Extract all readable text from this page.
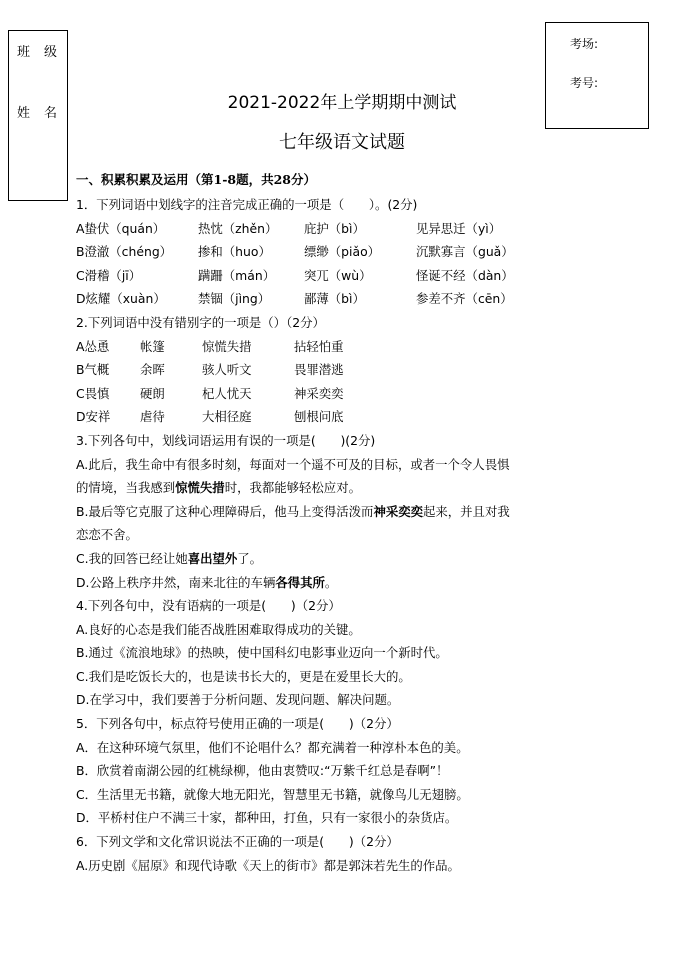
班级
姓名
考场:
考号:
2021-2022年上学期期中测试
七年级语文试题
一、积累积累及运用（第1-8题，共28分）
1．下列词语中划线字的注音完成正确的一项是（　　）。(2分)
A蛰伏（quán）	热忱（zhěn） 庇护（bì）	见异思迁（yì）
B澄澈（chéng） 掺和（huo）	缥缈（piǎo）	沉默寡言（guǎ）
C滑稽（jī）	蹒跚（mán） 突兀（wù）	怪诞不经（dàn）
D炫耀（xuàn）	禁锢（jìng）	鄙薄（bì）	参差不齐（cēn）
2.下列词语中没有错别字的一项是（）（2分）
A怂恿 帐篷	惊慌失措	拈轻怕重
B气概 余晖	骇人听文	畏罪潜逃
C畏慎 硬朗	杞人忧天	神采奕奕
D安祥 虐待	大相径庭	刨根问底
3.下列各句中，划线词语运用有误的一项是(　　)(2分)
A.此后，我生命中有很多时刻，每面对一个遥不可及的目标，或者一个令人畏惧
的情境，当我感到惊慌失措时，我都能够轻松应对。
B.最后等它克服了这种心理障碍后，他马上变得活泼而神采奕奕起来，并且对我
恋恋不舍。
C.我的回答已经让她喜出望外了。
D.公路上秩序井然，南来北往的车辆各得其所。
4.下列各句中，没有语病的一项是(　　)（2分）
A.良好的心态是我们能否战胜困难取得成功的关键。
B.通过《流浪地球》的热映，使中国科幻电影事业迈向一个新时代。
C.我们是吃饭长大的，也是读书长大的，更是在爱里长大的。
D.在学习中，我们要善于分析问题、发现问题、解决问题。
5．下列各句中，标点符号使用正确的一项是(　　)（2分）
A．在这种环境气氛里，他们不论唱什么？都充满着一种淳朴本色的美。
B．欣赏着南湖公园的红桃绿柳，他由衷赞叹:“万紫千红总是春啊”！
C．生活里无书籍，就像大地无阳光，智慧里无书籍，就像鸟儿无翅膀。
D．平桥村住户不满三十家，都种田，打鱼，只有一家很小的杂货店。
6．下列文学和文化常识说法不正确的一项是(　　)（2分）
A.历史剧《屈原》和现代诗歌《天上的街市》都是郭沫若先生的作品。
